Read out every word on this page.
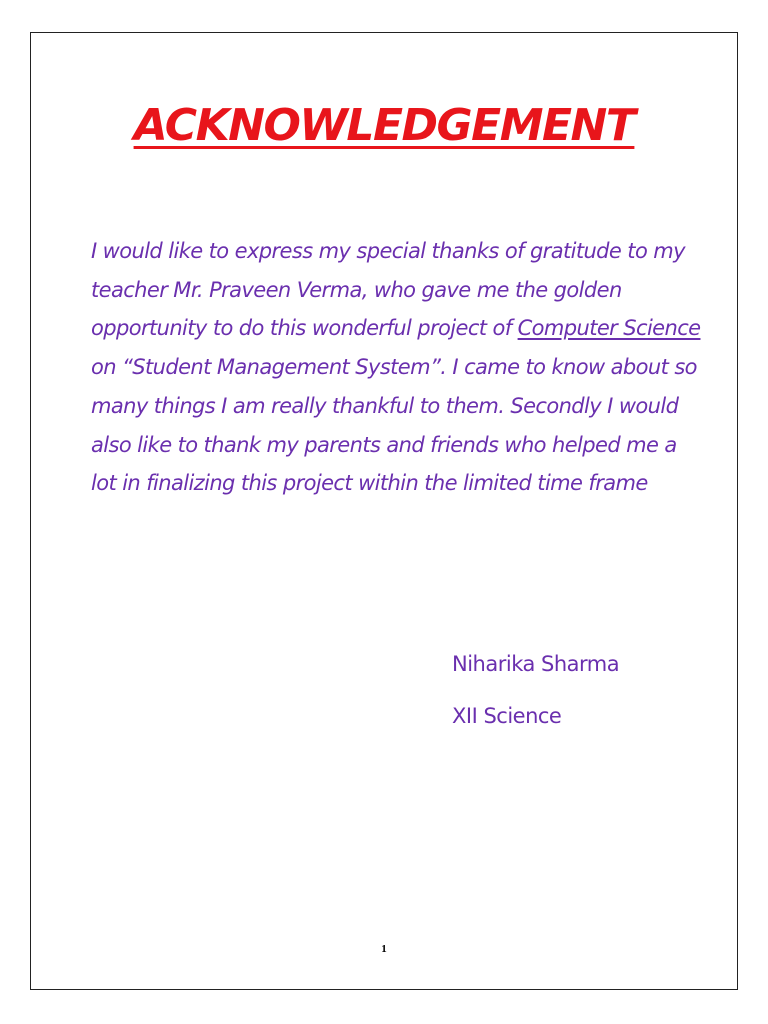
ACKNOWLEDGEMENT

I would like to express my special thanks of gratitude to my teacher Mr. Praveen Verma, who gave me the golden opportunity to do this wonderful project of Computer Science on “Student Management System”. I came to know about so many things I am really thankful to them. Secondly I would also like to thank my parents and friends who helped me a lot in finalizing this project within the limited time frame

Niharika Sharma

XII Science

1
